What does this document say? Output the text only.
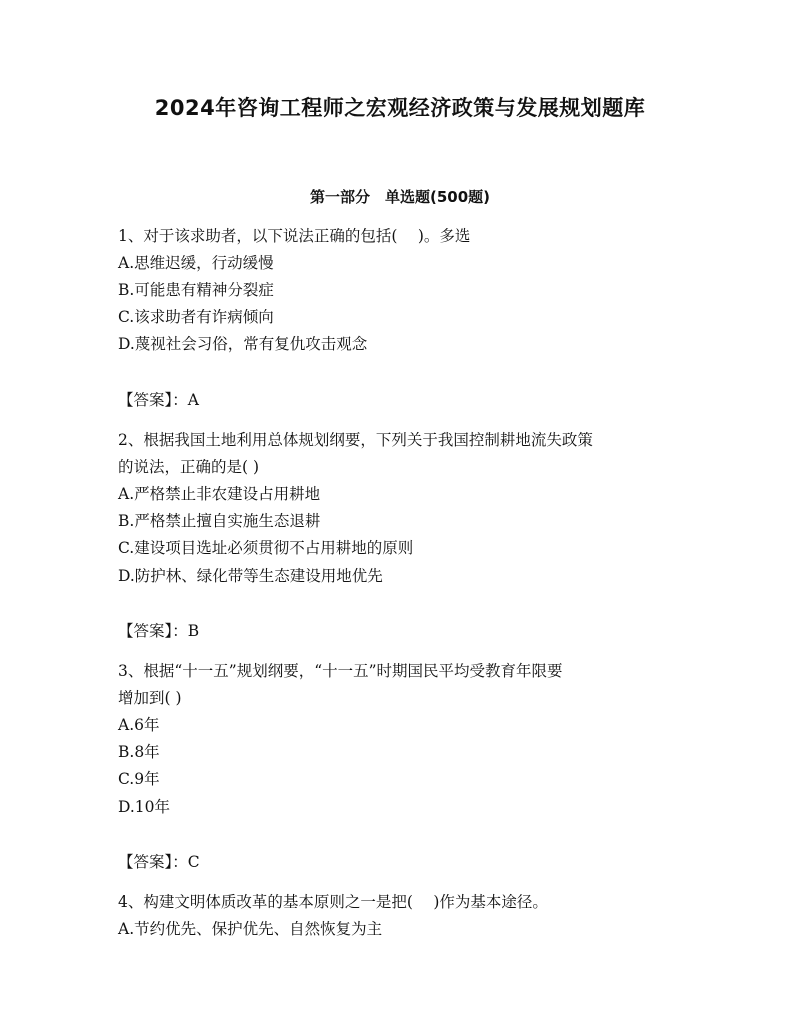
2024年咨询工程师之宏观经济政策与发展规划题库
第一部分　单选题(500题)
1、对于该求助者，以下说法正确的包括(　 )。多选
A.思维迟缓，行动缓慢
B.可能患有精神分裂症
C.该求助者有诈病倾向
D.蔑视社会习俗，常有复仇攻击观念
【答案】：A
2、根据我国土地利用总体规划纲要，下列关于我国控制耕地流失政策
的说法，正确的是( )
A.严格禁止非农建设占用耕地
B.严格禁止擅自实施生态退耕
C.建设项目选址必须贯彻不占用耕地的原则
D.防护林、绿化带等生态建设用地优先
【答案】：B
3、根据“十一五”规划纲要，“十一五”时期国民平均受教育年限要
增加到( )
A.6年
B.8年
C.9年
D.10年
【答案】：C
4、构建文明体质改革的基本原则之一是把(　 )作为基本途径。
A.节约优先、保护优先、自然恢复为主
